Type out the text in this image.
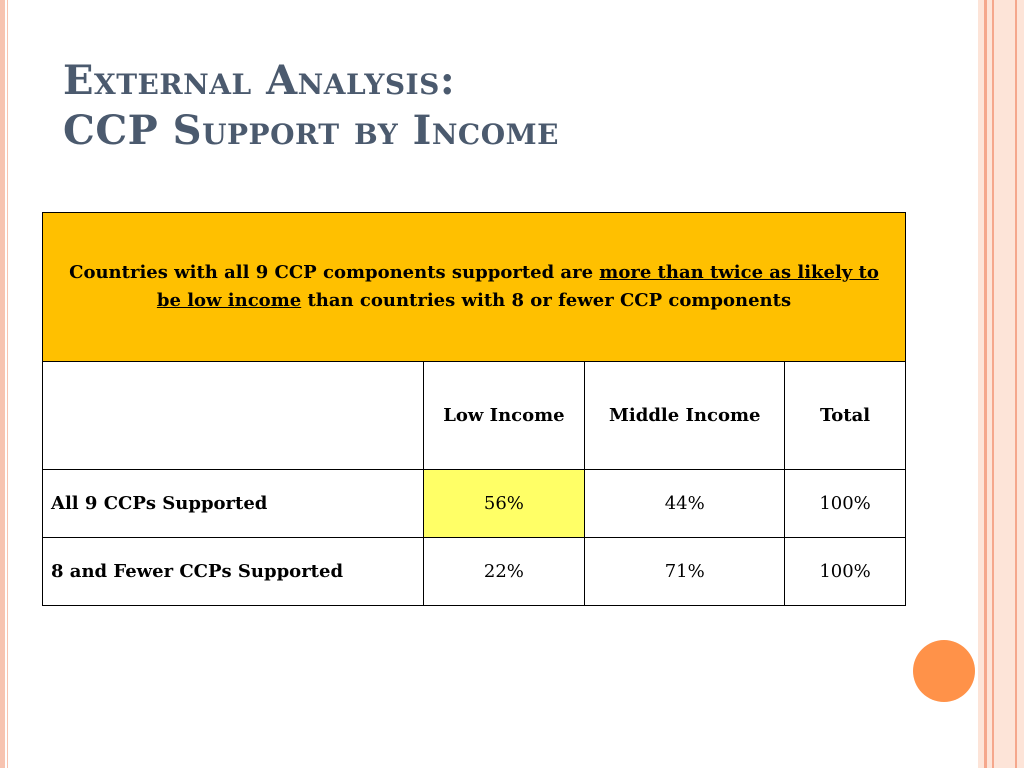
External Analysis:
CCP Support by Income
Countries with all 9 CCP components supported are more than twice as likely to be low income than countries with 8 or fewer CCP components			
	Low Income	Middle Income	Total
All 9 CCPs Supported	56%	44%	100%
8 and Fewer CCPs Supported	22%	71%	100%
